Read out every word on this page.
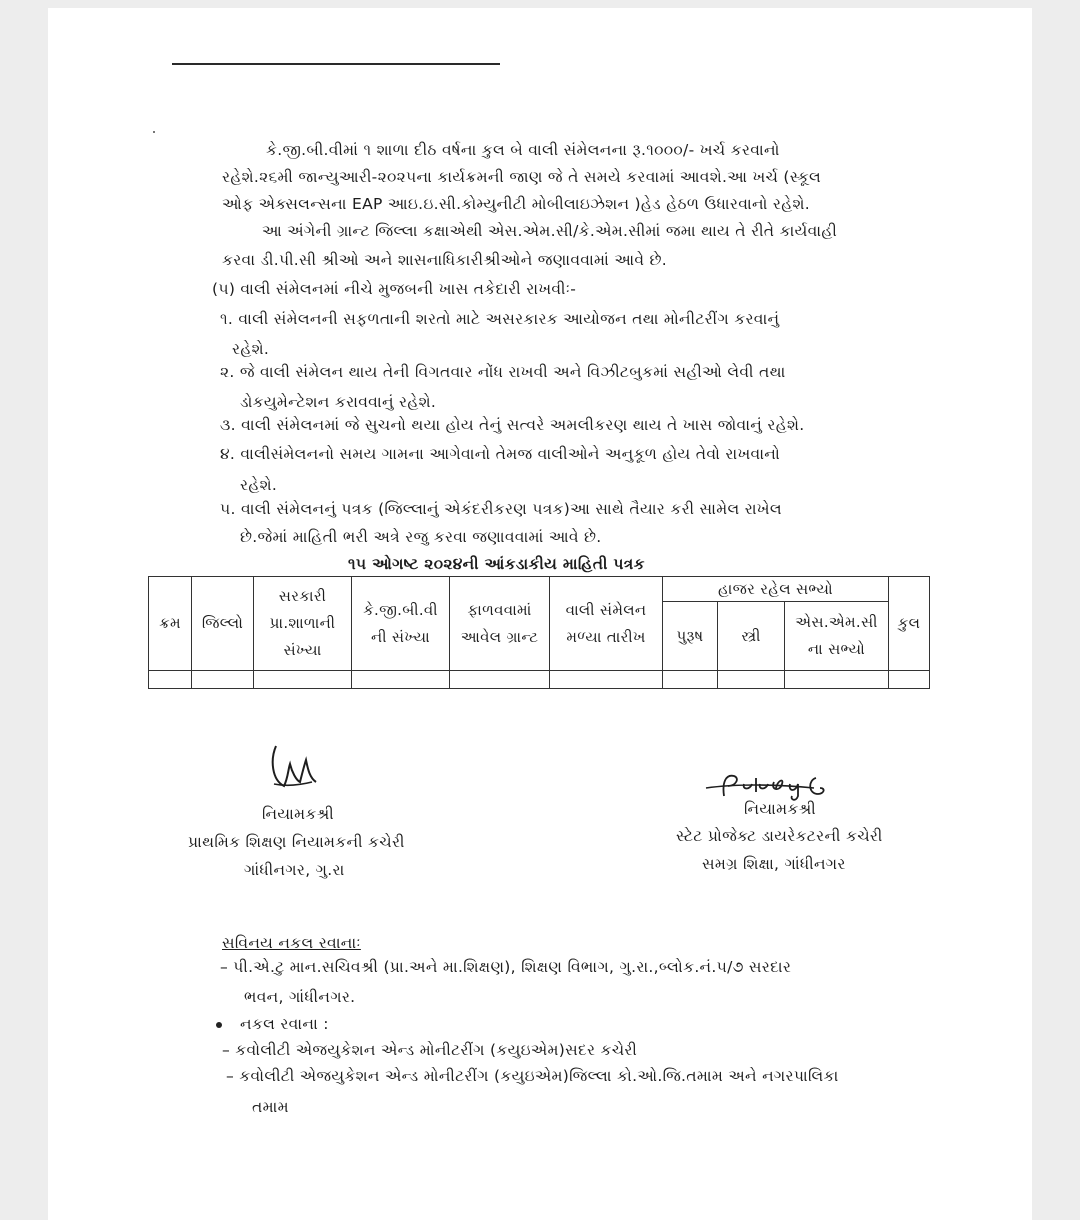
કે.જી.બી.વીમાં ૧ શાળા દીઠ વર્ષના કુલ બે વાલી સંમેલનના રૂ.૧૦૦૦/- ખર્ચ કરવાનો
રહેશે.૨૬મી જાન્યુઆરી-૨૦૨૫ના કાર્યક્રમની જાણ જે તે સમયે કરવામાં આવશે.આ ખર્ચ (સ્કૂલ
ઓફ એક્સલન્સના EAP આઇ.ઇ.સી.કોમ્યુનીટી મોબીલાઇઝેશન )હેડ હેઠળ ઉધારવાનો રહેશે.
આ અંગેની ગ્રાન્ટ જિલ્લા કક્ષાએથી એસ.એમ.સી/કે.એમ.સીમાં જમા થાય તે રીતે કાર્યવાહી
કરવા ડી.પી.સી શ્રીઓ અને શાસનાધિકારીશ્રીઓને જણાવવામાં આવે છે.
(૫) વાલી સંમેલનમાં નીચે મુજબની ખાસ તકેદારી રાખવીઃ-
૧. વાલી સંમેલનની સફળતાની શરતો માટે અસરકારક આયોજન તથા મોનીટરીંગ કરવાનું
રહેશે.
૨. જે વાલી સંમેલન થાય તેની વિગતવાર નોંધ રાખવી અને વિઝીટબુકમાં સહીઓ લેવી તથા
ડોકયુમેન્ટેશન કરાવવાનું રહેશે.
૩. વાલી સંમેલનમાં જે સુચનો થયા હોય તેનું સત્વરે અમલીકરણ થાય તે ખાસ જોવાનું રહેશે.
૪. વાલીસંમેલનનો સમય ગામના આગેવાનો તેમજ વાલીઓને અનુકૂળ હોય તેવો રાખવાનો
રહેશે.
૫. વાલી સંમેલનનું પત્રક (જિલ્લાનું એકંદરીકરણ પત્રક)આ સાથે તૈયાર કરી સામેલ રાખેલ
છે.જેમાં માહિતી ભરી અત્રે રજુ કરવા જણાવવામાં આવે છે.
૧૫ ઓગષ્ટ ૨૦૨૪ની આંકડાકીય માહિતી પત્રક
ક્રમ	જિલ્લો	સરકારી પ્રા.શાળાની સંખ્યા	કે.જી.બી.વી ની સંખ્યા	ફાળવવામાં આવેલ ગ્રાન્ટ	વાલી સંમેલન મળ્યા તારીખ	હાજર રહેલ સભ્યો			કુલ
						પુરૂષ	સ્ત્રી	એસ.એમ.સી ના સભ્યો	

નિયામકશ્રી
પ્રાથમિક શિક્ષણ નિયામકની કચેરી
ગાંધીનગર, ગુ.રા
નિયામકશ્રી
સ્ટેટ પ્રોજેક્ટ ડાયરેકટરની કચેરી
સમગ્ર શિક્ષા, ગાંધીનગર
સવિનય નકલ રવાનાઃ
– પી.એ.ટુ માન.સચિવશ્રી (પ્રા.અને મા.શિક્ષણ), શિક્ષણ વિભાગ, ગુ.રા.,બ્લોક.નં.૫/૭ સરદાર
ભવન, ગાંધીનગર.
નકલ રવાના :
– કવોલીટી એજયુકેશન એન્ડ મોનીટરીંગ (કયુઇએમ)સદર કચેરી
– કવોલીટી એજયુકેશન એન્ડ મોનીટરીંગ (કયુઇએમ)જિલ્લા કો.ઓ.જિ.તમામ અને નગરપાલિકા
તમામ
